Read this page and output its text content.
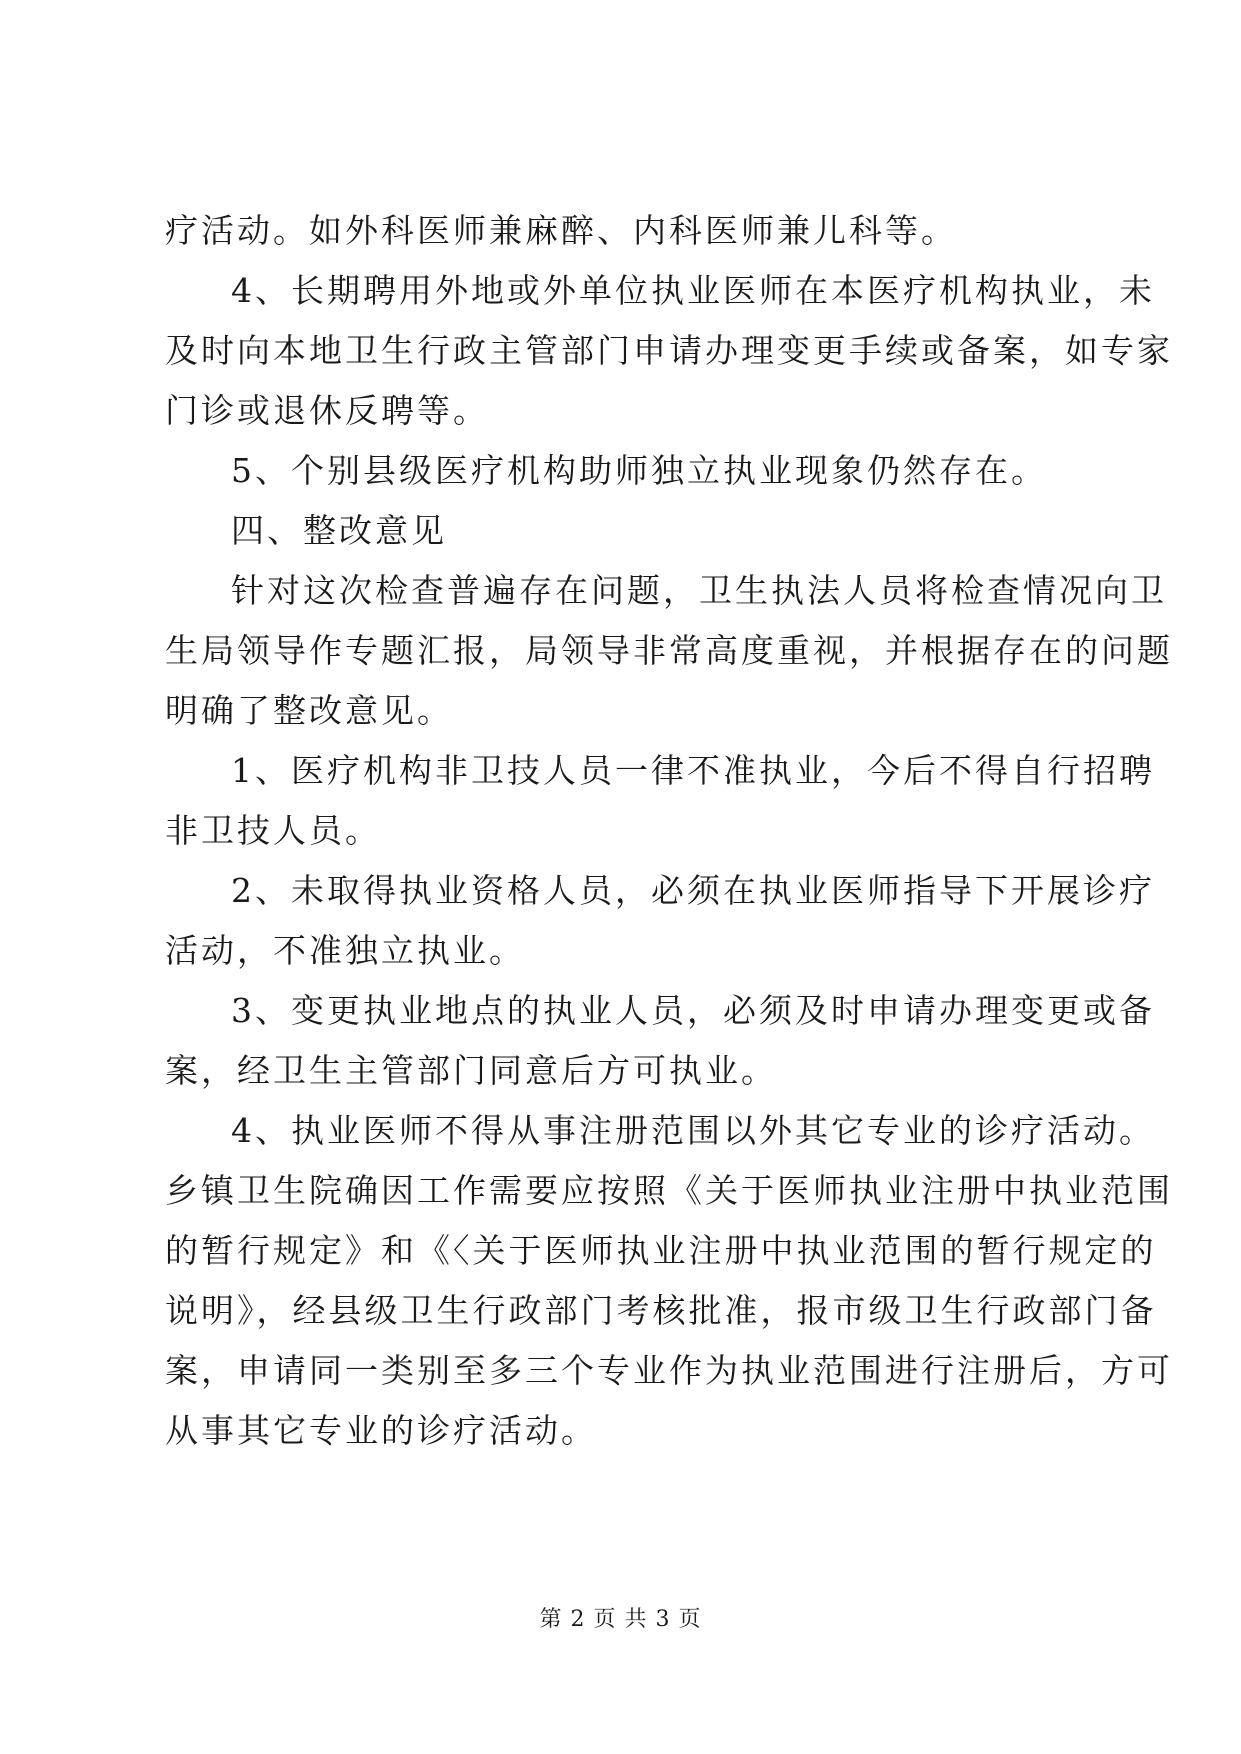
疗活动。如外科医师兼麻醉、内科医师兼儿科等。
4、长期聘用外地或外单位执业医师在本医疗机构执业，未
及时向本地卫生行政主管部门申请办理变更手续或备案，如专家
门诊或退休反聘等。
5、个别县级医疗机构助师独立执业现象仍然存在。
四、整改意见
针对这次检查普遍存在问题，卫生执法人员将检查情况向卫
生局领导作专题汇报，局领导非常高度重视，并根据存在的问题
明确了整改意见。
1、医疗机构非卫技人员一律不准执业，今后不得自行招聘
非卫技人员。
2、未取得执业资格人员，必须在执业医师指导下开展诊疗
活动，不准独立执业。
3、变更执业地点的执业人员，必须及时申请办理变更或备
案，经卫生主管部门同意后方可执业。
4、执业医师不得从事注册范围以外其它专业的诊疗活动。
乡镇卫生院确因工作需要应按照《关于医师执业注册中执业范围
的暂行规定》和《〈关于医师执业注册中执业范围的暂行规定的
说明》，经县级卫生行政部门考核批准，报市级卫生行政部门备
案，申请同一类别至多三个专业作为执业范围进行注册后，方可
从事其它专业的诊疗活动。
第 2 页 共 3 页
